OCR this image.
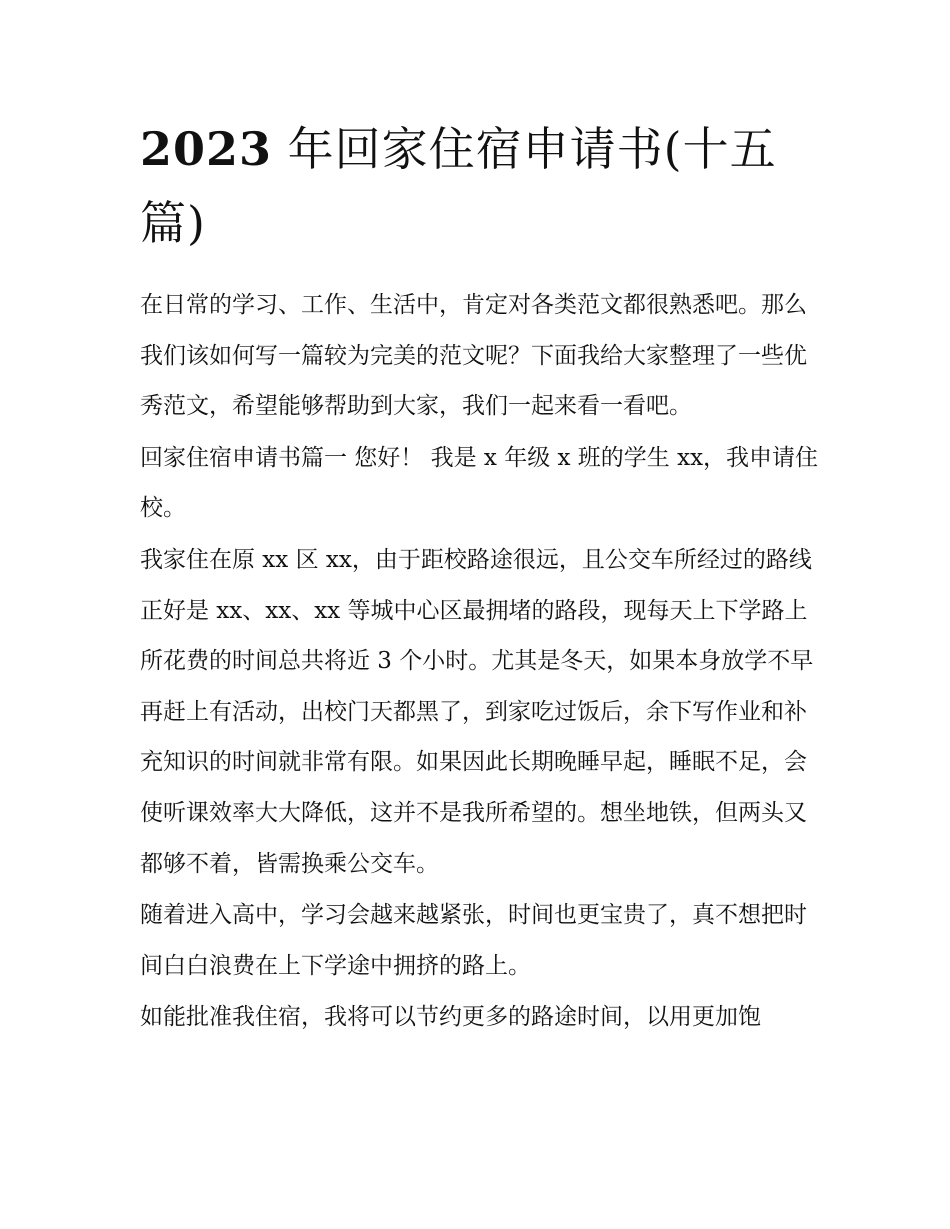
2023 年回家住宿申请书(十五篇)

在日常的学习、工作、生活中，肯定对各类范文都很熟悉吧。那么我们该如何写一篇较为完美的范文呢？下面我给大家整理了一些优秀范文，希望能够帮助到大家，我们一起来看一看吧。

回家住宿申请书篇一 您好！ 我是 x 年级 x 班的学生 xx，我申请住校。

我家住在原 xx 区 xx，由于距校路途很远，且公交车所经过的路线正好是 xx、xx、xx 等城中心区最拥堵的路段，现每天上下学路上所花费的时间总共将近 3 个小时。尤其是冬天，如果本身放学不早再赶上有活动，出校门天都黑了，到家吃过饭后，余下写作业和补充知识的时间就非常有限。如果因此长期晚睡早起，睡眠不足，会使听课效率大大降低，这并不是我所希望的。想坐地铁，但两头又都够不着，皆需换乘公交车。

随着进入高中，学习会越来越紧张，时间也更宝贵了，真不想把时间白白浪费在上下学途中拥挤的路上。

如能批准我住宿，我将可以节约更多的路途时间，以用更加饱
